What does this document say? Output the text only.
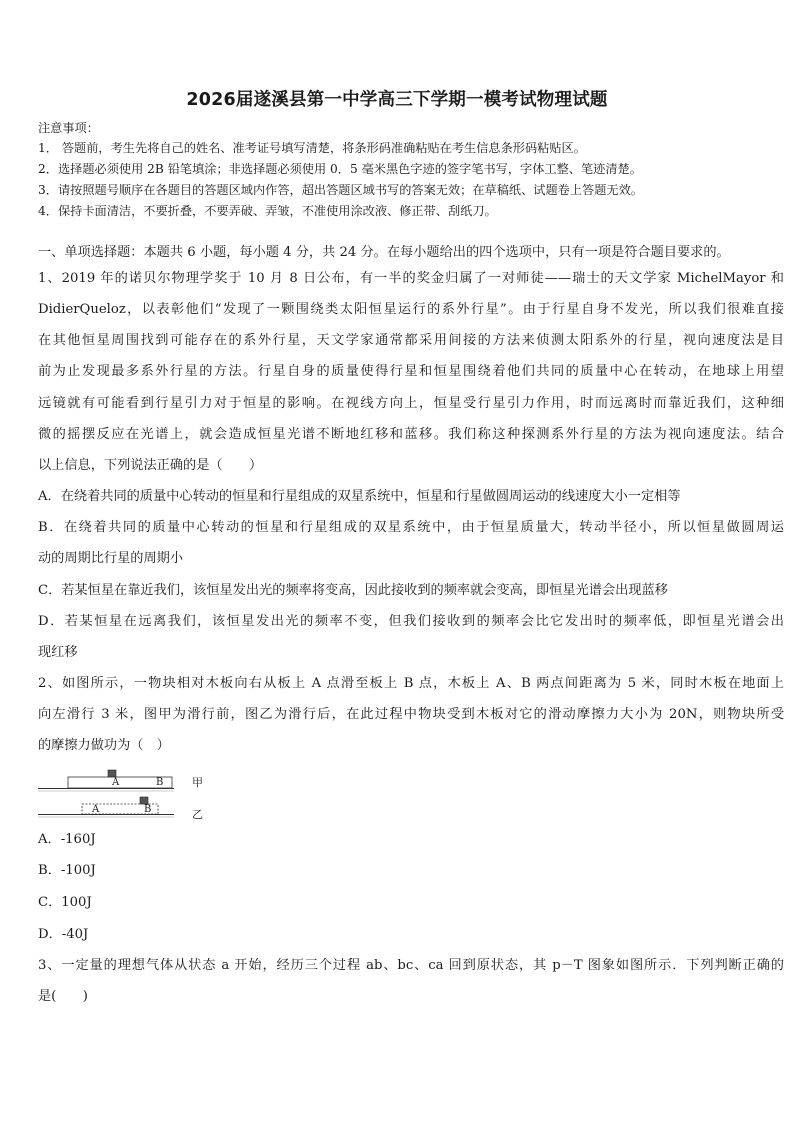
2026届遂溪县第一中学高三下学期一模考试物理试题
注意事项：
1． 答题前，考生先将自己的姓名、准考证号填写清楚，将条形码准确粘贴在考生信息条形码粘贴区。
2．选择题必须使用 2B 铅笔填涂；非选择题必须使用 0．5 毫米黑色字迹的签字笔书写，字体工整、笔迹清楚。
3．请按照题号顺序在各题目的答题区域内作答，超出答题区域书写的答案无效；在草稿纸、试题卷上答题无效。
4．保持卡面清洁，不要折叠，不要弄破、弄皱，不准使用涂改液、修正带、刮纸刀。
一、单项选择题：本题共 6 小题，每小题 4 分，共 24 分。在每小题给出的四个选项中，只有一项是符合题目要求的。
1、2019 年的诺贝尔物理学奖于 10 月 8 日公布，有一半的奖金归属了一对师徒——瑞士的天文学家 MichelMayor 和
DidierQueloz，以表彰他们“发现了一颗围绕类太阳恒星运行的系外行星”。由于行星自身不发光，所以我们很难直接
在其他恒星周围找到可能存在的系外行星，天文学家通常都采用间接的方法来侦测太阳系外的行星，视向速度法是目
前为止发现最多系外行星的方法。行星自身的质量使得行星和恒星围绕着他们共同的质量中心在转动，在地球上用望
远镜就有可能看到行星引力对于恒星的影响。在视线方向上，恒星受行星引力作用，时而远离时而靠近我们，这种细
微的摇摆反应在光谱上，就会造成恒星光谱不断地红移和蓝移。我们称这种探测系外行星的方法为视向速度法。结合
以上信息，下列说法正确的是（　　）
A．在绕着共同的质量中心转动的恒星和行星组成的双星系统中，恒星和行星做圆周运动的线速度大小一定相等
B．在绕着共同的质量中心转动的恒星和行星组成的双星系统中，由于恒星质量大，转动半径小，所以恒星做圆周运
动的周期比行星的周期小
C．若某恒星在靠近我们，该恒星发出光的频率将变高，因此接收到的频率就会变高，即恒星光谱会出现蓝移
D．若某恒星在远离我们，该恒星发出光的频率不变，但我们接收到的频率会比它发出时的频率低，即恒星光谱会出
现红移
2、如图所示，一物块相对木板向右从板上 A 点滑至板上 B 点，木板上 A、B 两点间距离为 5 米，同时木板在地面上
向左滑行 3 米，图甲为滑行前，图乙为滑行后，在此过程中物块受到木板对它的滑动摩擦力大小为 20N，则物块所受
的摩擦力做功为（　）
A	B
A	B
甲
乙
A．-160J
B．-100J
C．100J
D．-40J
3、一定量的理想气体从状态 a 开始，经历三个过程 ab、bc、ca 回到原状态，其 p－T 图象如图所示．下列判断正确的
是(　　)
